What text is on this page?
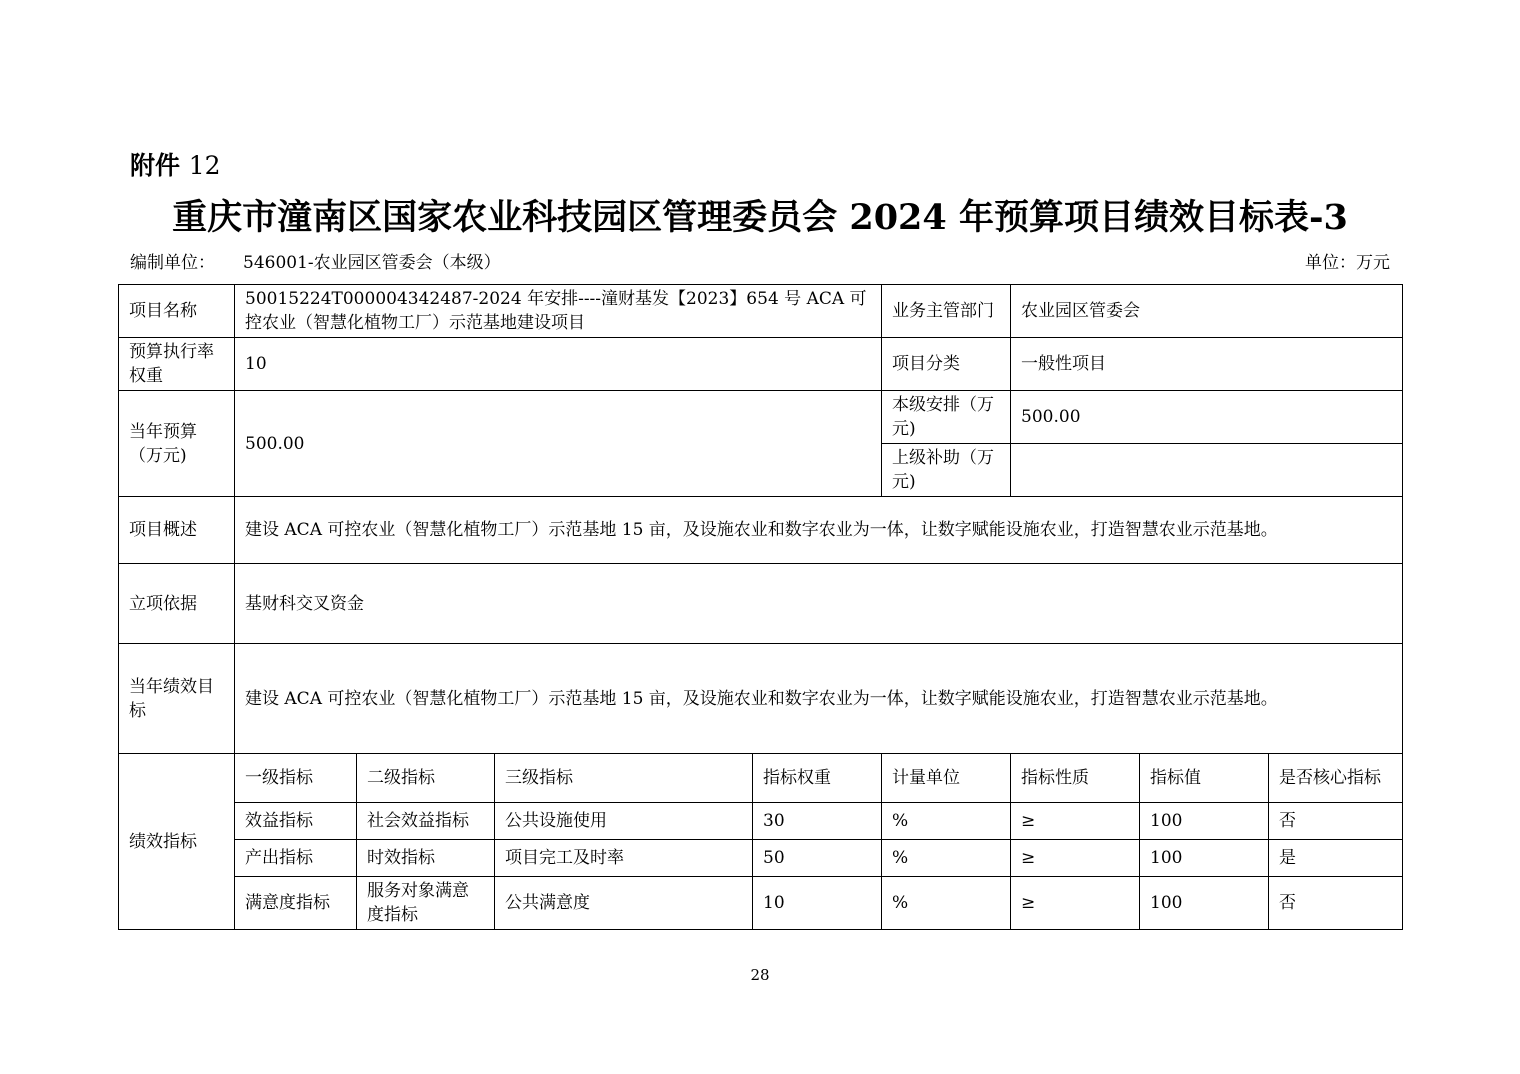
附件 12
重庆市潼南区国家农业科技园区管理委员会 2024 年预算项目绩效目标表-3
编制单位： 546001-农业园区管委会（本级）	单位：万元
项目名称	50015224T000004342487-2024 年安排----潼财基发【2023】654 号 ACA 可控农业（智慧化植物工厂）示范基地建设项目				业务主管部门	农业园区管委会		
预算执行率权重	10				项目分类	一般性项目		
当年预算（万元)	500.00				本级安排（万元)	500.00		
					上级补助（万元)			
项目概述	建设 ACA 可控农业（智慧化植物工厂）示范基地 15 亩，及设施农业和数字农业为一体，让数字赋能设施农业，打造智慧农业示范基地。							
立项依据	基财科交叉资金							
当年绩效目标	建设 ACA 可控农业（智慧化植物工厂）示范基地 15 亩，及设施农业和数字农业为一体，让数字赋能设施农业，打造智慧农业示范基地。							
绩效指标	一级指标	二级指标	三级指标	指标权重	计量单位	指标性质	指标值	是否核心指标
	效益指标	社会效益指标	公共设施使用	30	%	≥	100	否
	产出指标	时效指标	项目完工及时率	50	%	≥	100	是
	满意度指标	服务对象满意度指标	公共满意度	10	%	≥	100	否
28
